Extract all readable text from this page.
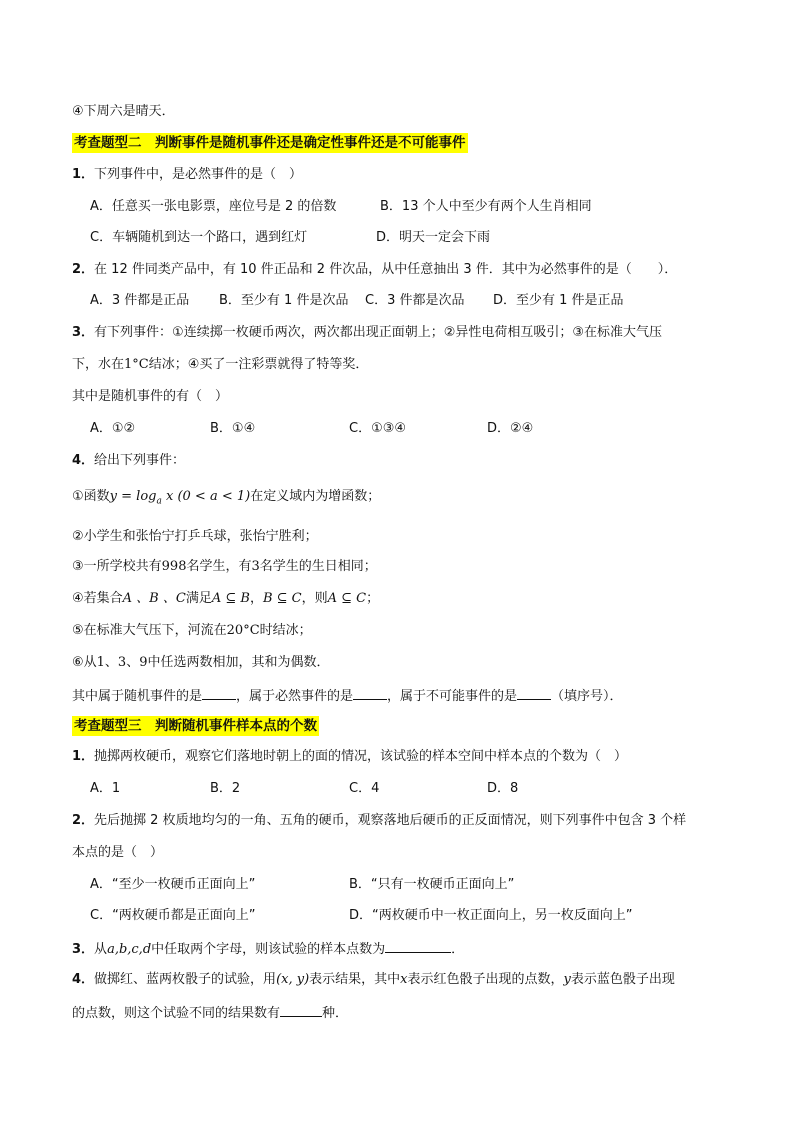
④下周六是晴天．
考查题型二　判断事件是随机事件还是确定性事件还是不可能事件
1．下列事件中，是必然事件的是（　）
A．任意买一张电影票，座位号是 2 的倍数	B．13 个人中至少有两个人生肖相同
C．车辆随机到达一个路口，遇到红灯	D．明天一定会下雨
2．在 12 件同类产品中，有 10 件正品和 2 件次品，从中任意抽出 3 件．其中为必然事件的是（　　）．
A．3 件都是正品 B．至少有 1 件是次品 C．3 件都是次品 D．至少有 1 件是正品
3．有下列事件：①连续掷一枚硬币两次，两次都出现正面朝上；②异性电荷相互吸引；③在标准大气压
下，水在1°C结冰；④买了一注彩票就得了特等奖．
其中是随机事件的有（　）
A．①②	B．①④	C．①③④	D．②④
4．给出下列事件：
①函数$y = \log_a x$ (0 < a < 1)在定义域内为增函数；
②小学生和张怡宁打乒乓球，张怡宁胜利；
③一所学校共有998名学生，有3名学生的生日相同；
④若集合A 、B 、C满足A ⊆ B，B ⊆ C，则A ⊆ C；
⑤在标准大气压下，河流在20°C时结冰；
⑥从1、3、9中任选两数相加，其和为偶数．
其中属于随机事件的是	，属于必然事件的是	，属于不可能事件的是	（填序号）．
考查题型三　判断随机事件样本点的个数
1．抛掷两枚硬币，观察它们落地时朝上的面的情况，该试验的样本空间中样本点的个数为（　）
A．1	B．2	C．4	D．8
2．先后抛掷 2 枚质地均匀的一角、五角的硬币，观察落地后硬币的正反面情况，则下列事件中包含 3 个样
本点的是（　）
A．“至少一枚硬币正面向上”	B．“只有一枚硬币正面向上”
C．“两枚硬币都是正面向上”	D．“两枚硬币中一枚正面向上，另一枚反面向上”
3．从a,b,c,d中任取两个字母，则该试验的样本点数为	．
4．做掷红、蓝两枚骰子的试验，用(x, y)表示结果，其中x表示红色骰子出现的点数，y表示蓝色骰子出现
的点数，则这个试验不同的结果数有	种．
